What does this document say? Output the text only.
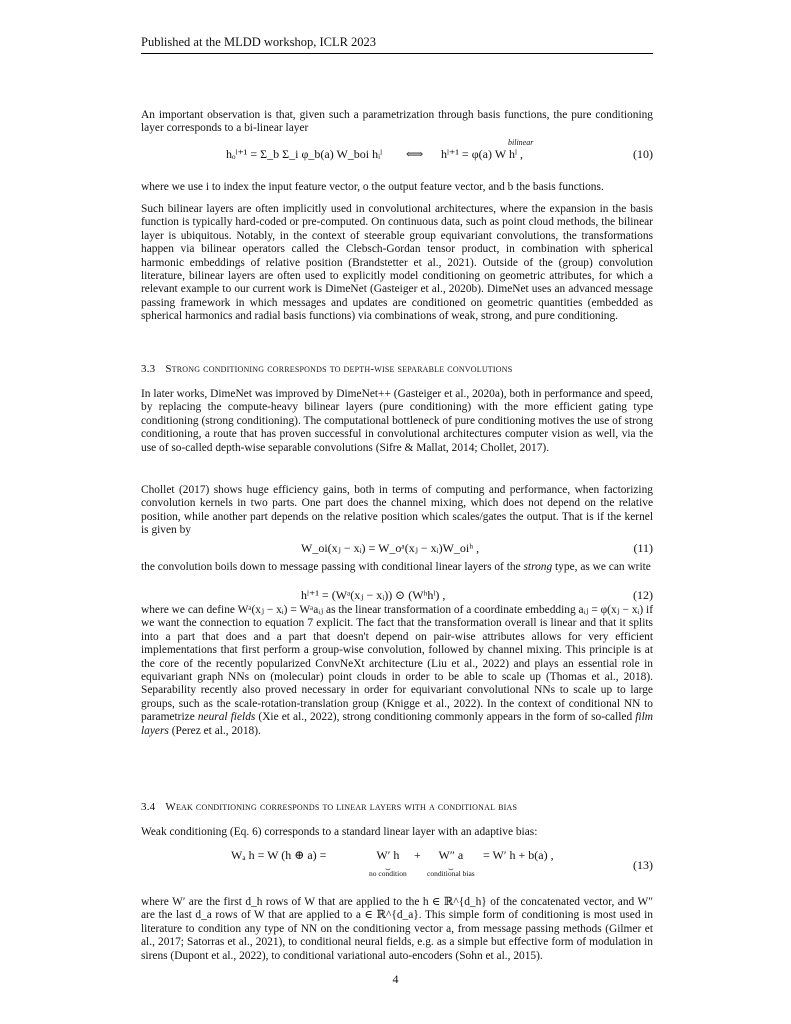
Published at the MLDD workshop, ICLR 2023

An important observation is that, given such a parametrization through basis functions, the pure conditioning layer corresponds to a bi-linear layer

hₒˡ⁺¹ = Σ_b Σ_i φ_b(a) W_boi hᵢˡ ⟺
bilinear
hˡ⁺¹ = φ(a) W hˡ ,	(10)

where we use i to index the input feature vector, o the output feature vector, and b the basis functions.

Such bilinear layers are often implicitly used in convolutional architectures, where the expansion in the basis function is typically hard-coded or pre-computed. On continuous data, such as point cloud methods, the bilinear layer is ubiquitous. Notably, in the context of steerable group equivariant convolutions, the transformations happen via bilinear operators called the Clebsch-Gordan tensor product, in combination with spherical harmonic embeddings of relative position (Brandstetter et al., 2021). Outside of the (group) convolution literature, bilinear layers are often used to explicitly model conditioning on geometric attributes, for which a relevant example to our current work is DimeNet (Gasteiger et al., 2020b). DimeNet uses an advanced message passing framework in which messages and updates are conditioned on geometric quantities (embedded as spherical harmonics and radial basis functions) via combinations of weak, strong, and pure conditioning.

3.3 Strong conditioning corresponds to depth-wise separable convolutions

In later works, DimeNet was improved by DimeNet++ (Gasteiger et al., 2020a), both in performance and speed, by replacing the compute-heavy bilinear layers (pure conditioning) with the more efficient gating type conditioning (strong conditioning). The computational bottleneck of pure conditioning motives the use of strong conditioning, a route that has proven successful in convolutional architectures computer vision as well, via the use of so-called depth-wise separable convolutions (Sifre & Mallat, 2014; Chollet, 2017).

Chollet (2017) shows huge efficiency gains, both in terms of computing and performance, when factorizing convolution kernels in two parts. One part does the channel mixing, which does not depend on the relative position, while another part depends on the relative position which scales/gates the output. That is if the kernel is given by

W_oi(xⱼ − xᵢ) = W_oᵃ(xⱼ − xᵢ)W_oiʰ ,	(11)

the convolution boils down to message passing with conditional linear layers of the strong type, as we can write

hˡ⁺¹ = (Wᵃ(xⱼ − xᵢ)) ⊙ (Wʰhˡ) ,	(12)

where we can define Wᵃ(xⱼ − xᵢ) = Wᵃaᵢⱼ as the linear transformation of a coordinate embedding aᵢⱼ = φ(xⱼ − xᵢ) if we want the connection to equation 7 explicit. The fact that the transformation overall is linear and that it splits into a part that does and a part that doesn't depend on pair-wise attributes allows for very efficient implementations that first perform a group-wise convolution, followed by channel mixing. This principle is at the core of the recently popularized ConvNeXt architecture (Liu et al., 2022) and plays an essential role in equivariant graph NNs on (molecular) point clouds in order to be able to scale up (Thomas et al., 2018). Separability recently also proved necessary in order for equivariant convolutional NNs to scale up to large groups, such as the scale-rotation-translation group (Knigge et al., 2022). In the context of conditional NN to parametrize neural fields (Xie et al., 2022), strong conditioning commonly appears in the form of so-called film layers (Perez et al., 2018).

3.4 Weak conditioning corresponds to linear layers with a conditional bias

Weak conditioning (Eq. 6) corresponds to a standard linear layer with an adaptive bias:

Wₐ h = W (h ⊕ a) =	W′ h
⏟
no condition
+	W″ a
⏟
conditional bias
= W′ h + b(a) ,
(13)

where W′ are the first d_h rows of W that are applied to the h ∈ ℝ^{d_h} of the concatenated vector, and W″ are the last d_a rows of W that are applied to a ∈ ℝ^{d_a}. This simple form of conditioning is most used in literature to condition any type of NN on the conditioning vector a, from message passing methods (Gilmer et al., 2017; Satorras et al., 2021), to conditional neural fields, e.g. as a simple but effective form of modulation in sirens (Dupont et al., 2022), to conditional variational auto-encoders (Sohn et al., 2015).

4
